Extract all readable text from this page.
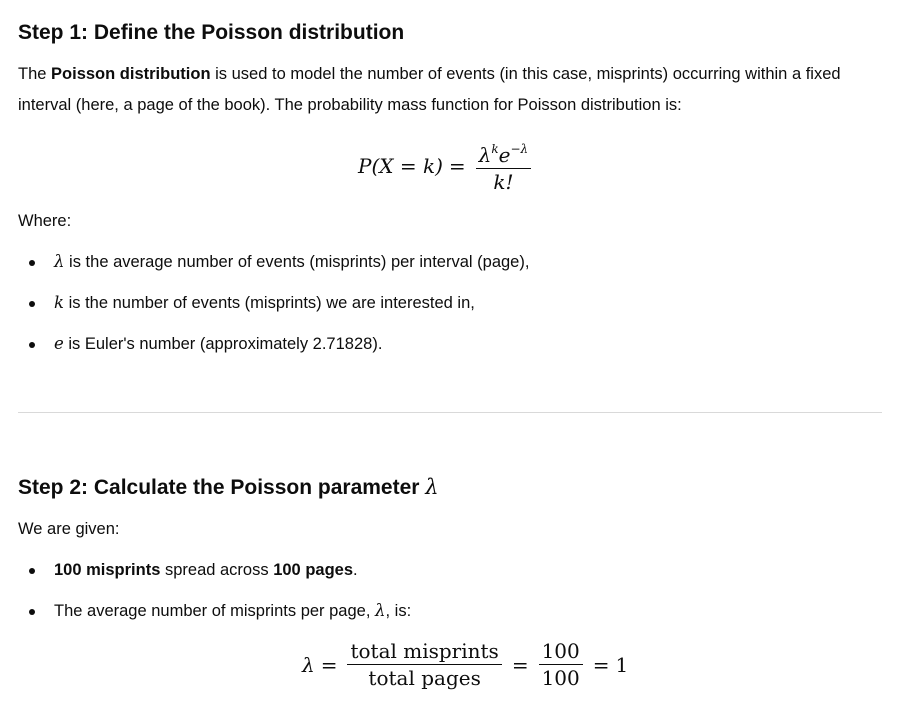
Step 1: Define the Poisson distribution

The Poisson distribution is used to model the number of events (in this case, misprints) occurring within a fixed interval (here, a page of the book). The probability mass function for Poisson distribution is:

$P(X = k) = \frac{\lambda^ke^{-\lambda}}{k!}$

Where:

λ is the average number of events (misprints) per interval (page),
k is the number of events (misprints) we are interested in,
e is Euler's number (approximately 2.71828).
Step 2: Calculate the Poisson parameter λ

We are given:

100 misprints spread across 100 pages.
The average number of misprints per page, λ, is:
$\lambda = \frac{\text{total misprints}}{\text{total pages}} = \frac{100}{100} = 1$
